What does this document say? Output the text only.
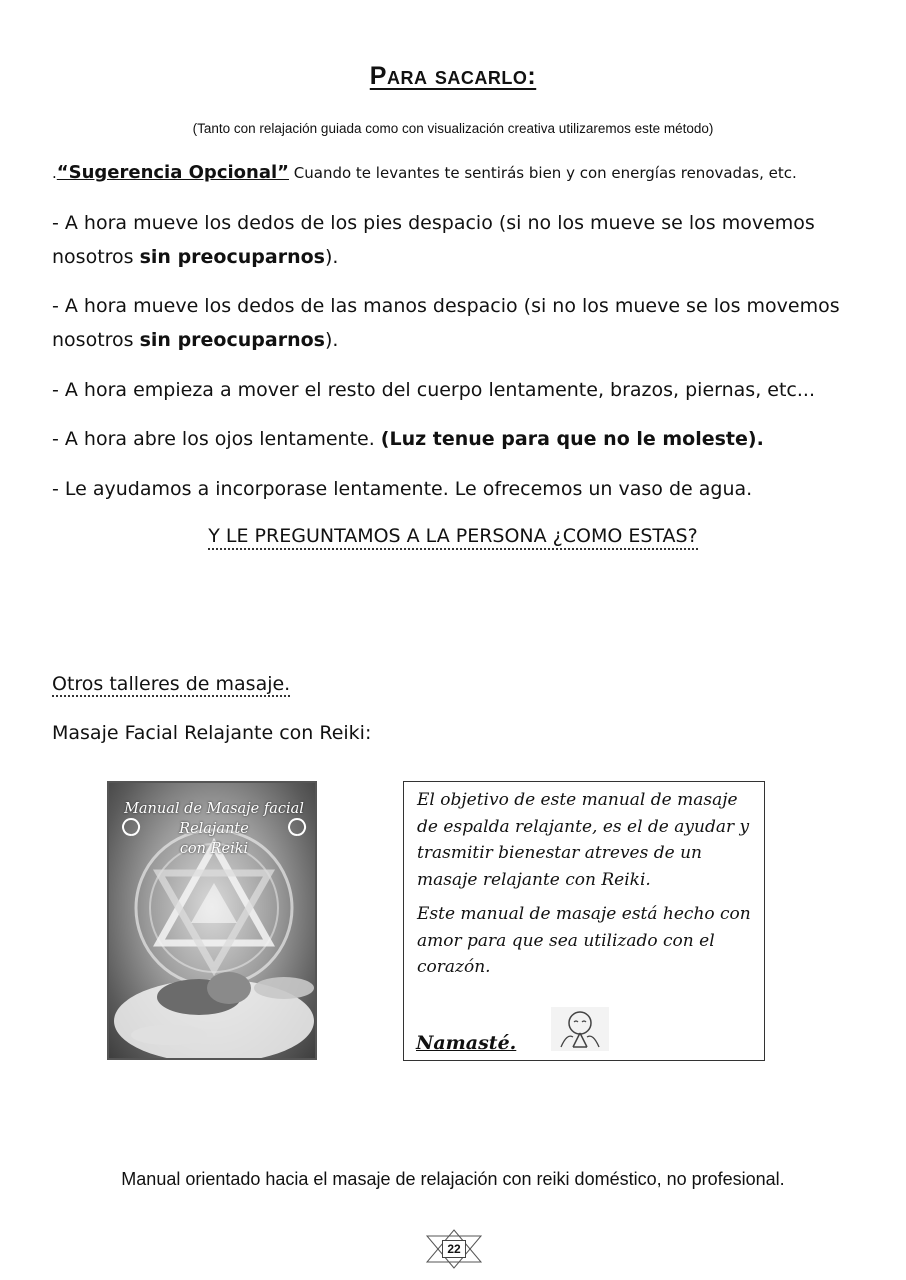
Para sacarlo:
(Tanto con relajación guiada como con visualización creativa utilizaremos este método)
.“Sugerencia Opcional” Cuando te levantes te sentirás bien y con energías renovadas, etc.
- A hora mueve los dedos de los pies despacio (si no los mueve se los movemos nosotros sin preocuparnos).
- A hora mueve los dedos de las manos despacio (si no los mueve se los movemos nosotros sin preocuparnos).
- A hora empieza a mover el resto del cuerpo lentamente, brazos, piernas, etc...
- A hora abre los ojos lentamente. (Luz tenue para que no le moleste).
- Le ayudamos a incorporase lentamente. Le ofrecemos un vaso de agua.
Y LE PREGUNTAMOS A LA PERSONA ¿COMO ESTAS?
Otros talleres de masaje.
Masaje Facial Relajante con Reiki:
Manual de Masaje facial Relajante
con Reiki

El objetivo de este manual de masaje de espalda relajante, es el de ayudar y trasmitir bienestar atreves de un masaje relajante con Reiki.

Este manual de masaje está hecho con amor para que sea utilizado con el corazón.

Namasté.
Manual orientado hacia el masaje de relajación con reiki doméstico, no profesional.
22
